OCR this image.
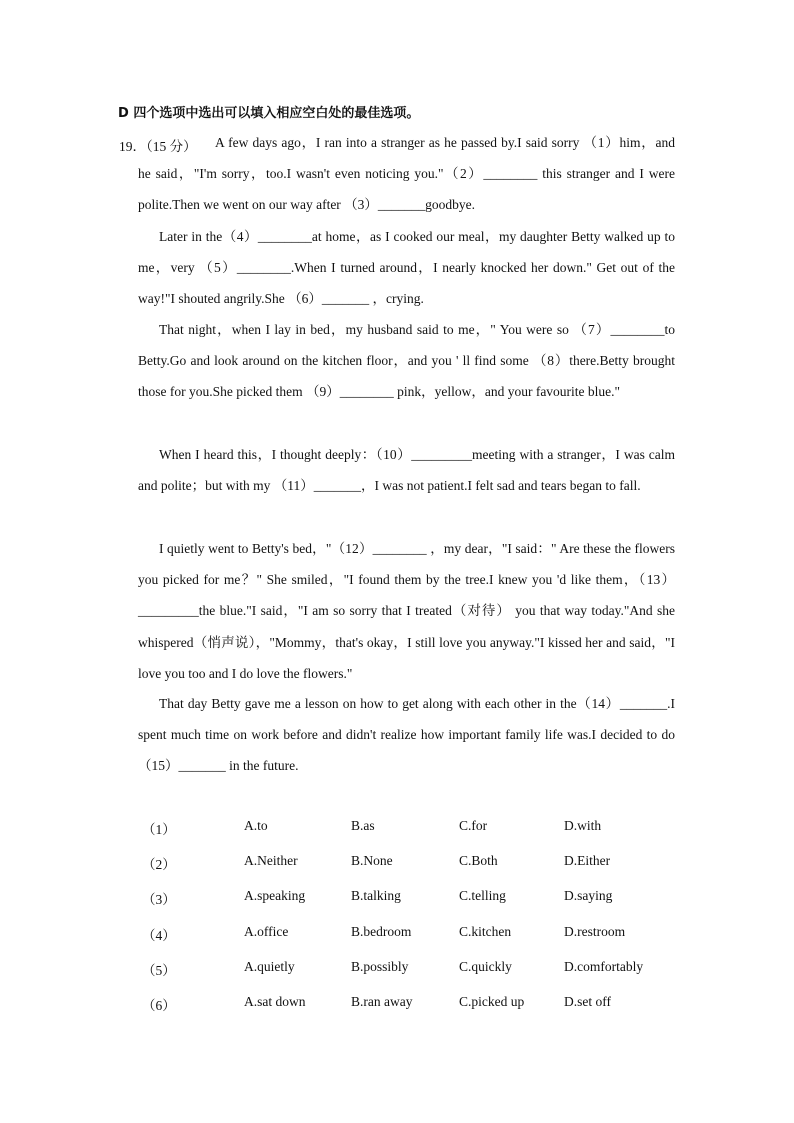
D 四个选项中选出可以填入相应空白处的最佳选项。
19．（15 分）	A few days ago，I ran into a stranger as he passed by.I said sorry （1）him，and he said，"I'm sorry，too.I wasn't even noticing you."（2）________ this stranger and I were polite.Then we went on our way after （3）_______goodbye.

Later in the（4）________at home，as I cooked our meal，my daughter Betty walked up to me，very （5）________.When I turned around，I nearly knocked her down." Get out of the way!"I shouted angrily.She （6）_______ ，crying.

That night，when I lay in bed，my husband said to me，" You were so （7）________to Betty.Go and look around on the kitchen floor，and you ' ll find some （8）there.Betty brought those for you.She picked them （9）________ pink，yellow，and your favourite blue."

When I heard this，I thought deeply：（10）_________meeting with a stranger，I was calm and polite；but with my （11）_______，I was not patient.I felt sad and tears began to fall.

I quietly went to Betty's bed，"（12）________ ，my dear，"I said：" Are these the flowers you picked for me？" She smiled，"I found them by the tree.I knew you 'd like them，（13）_________the blue."I said，"I am so sorry that I treated（对待） you that way today."And she whispered（悄声说），"Mommy，that's okay，I still love you anyway."I kissed her and said，"I love you too and I do love the flowers."

That day Betty gave me a lesson on how to get along with each other in the（14）_______.I spent much time on work before and didn't realize how important family life was.I decided to do （15）_______ in the future.

（1）	A.to	B.as	C.for	D.with
（2）	A.Neither	B.None	C.Both	D.Either
（3）	A.speaking	B.talking	C.telling	D.saying
（4）	A.office	B.bedroom	C.kitchen	D.restroom
（5）	A.quietly	B.possibly	C.quickly	D.comfortably
（6）	A.sat down	B.ran away	C.picked up	D.set off
